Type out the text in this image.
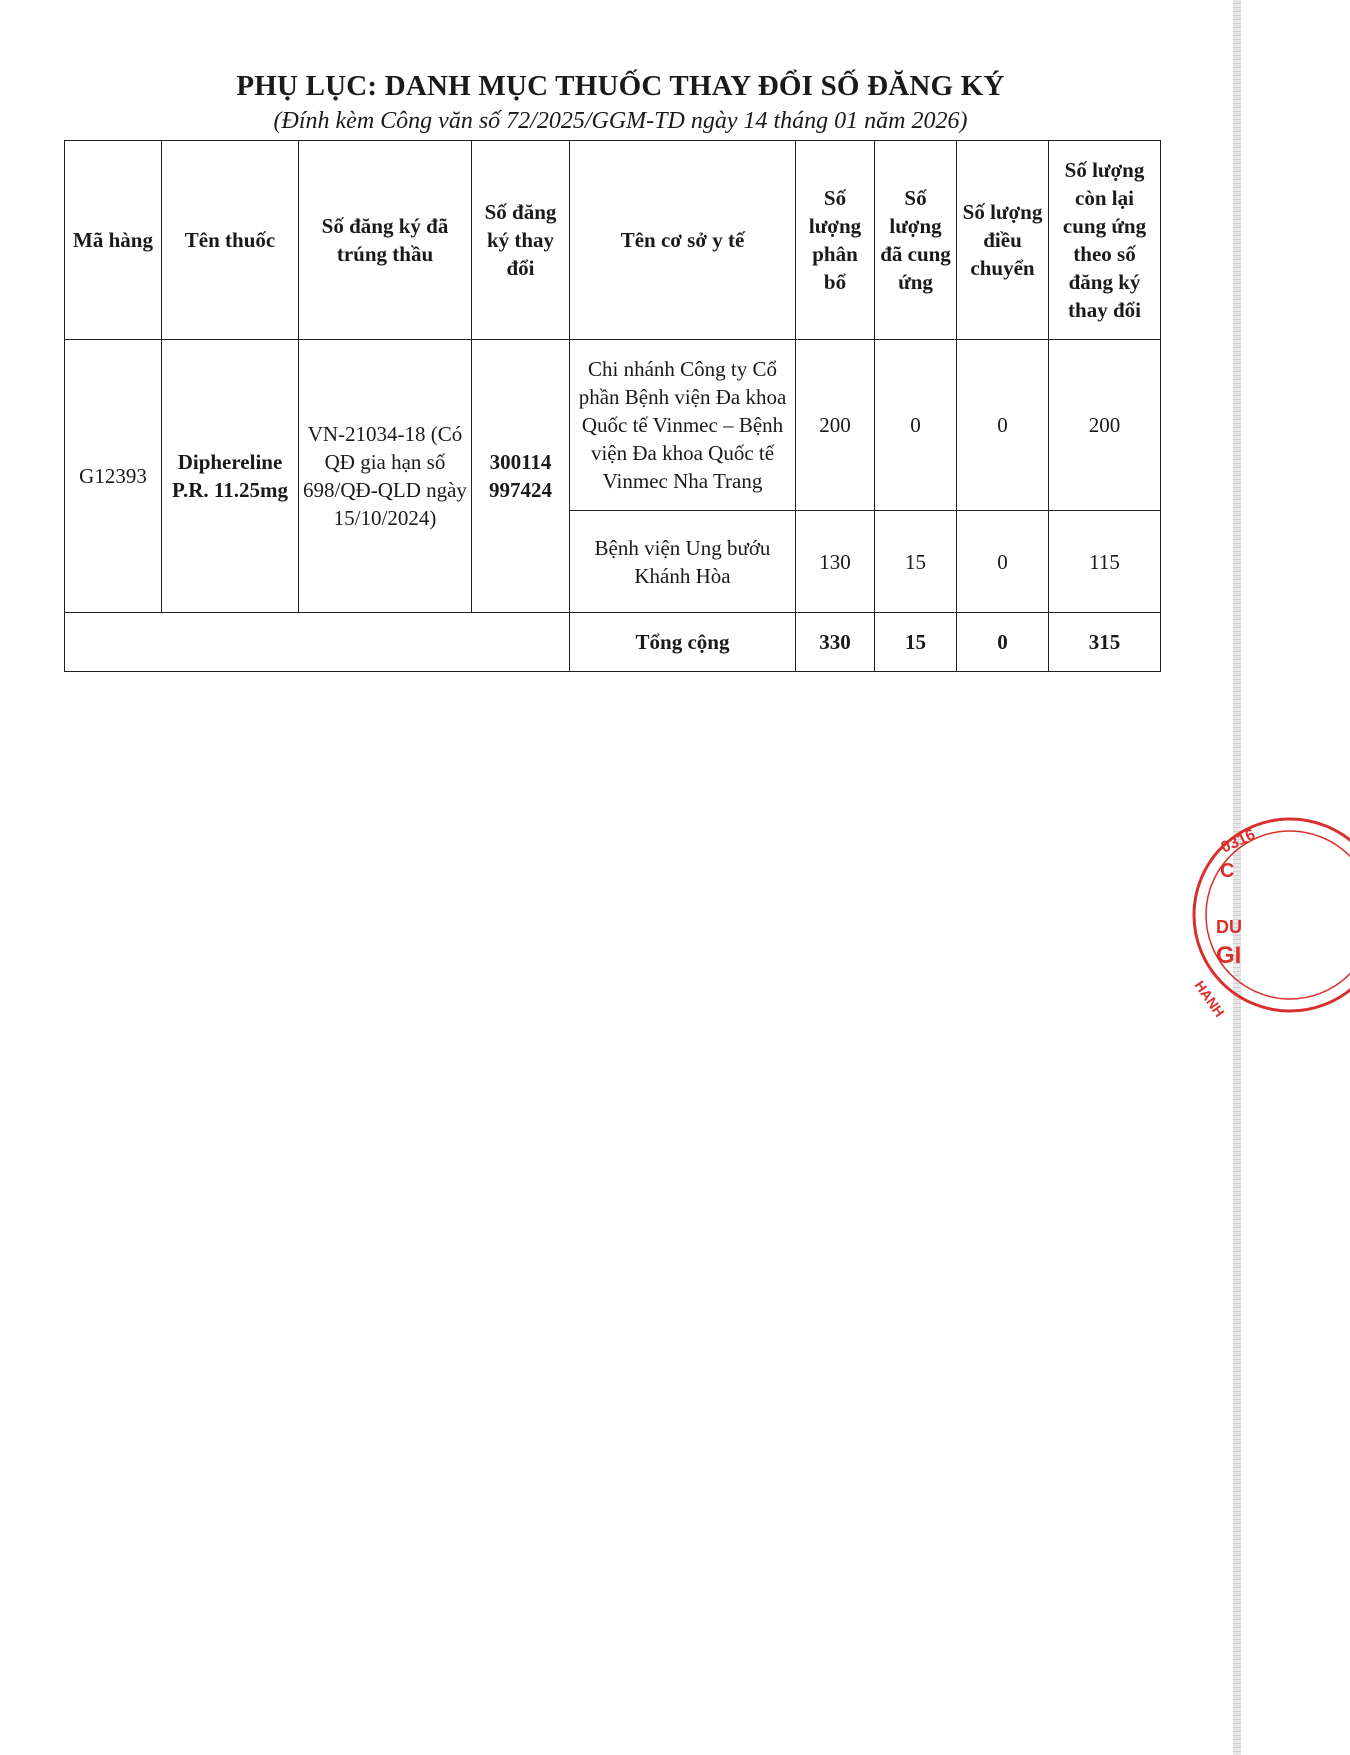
PHỤ LỤC: DANH MỤC THUỐC THAY ĐỔI SỐ ĐĂNG KÝ
(Đính kèm Công văn số 72/2025/GGM-TD ngày 14 tháng 01 năm 2026)
Mã hàng	Tên thuốc	Số đăng ký đã trúng thầu	Số đăng ký thay đổi	Tên cơ sở y tế	Số lượng phân bổ	Số lượng đã cung ứng	Số lượng điều chuyển	Số lượng còn lại cung ứng theo số đăng ký thay đổi
G12393	Diphereline P.R. 11.25mg	VN-21034-18 (Có QĐ gia hạn số 698/QĐ-QLD ngày 15/10/2024)	300114 997424	Chi nhánh Công ty Cổ phần Bệnh viện Đa khoa Quốc tế Vinmec – Bệnh viện Đa khoa Quốc tế Vinmec Nha Trang	200	0	0	200
				Bệnh viện Ung bướu Khánh Hòa	130	15	0	115
				Tổng cộng	330	15	0	315
0316
C
DU
GI
HANH
